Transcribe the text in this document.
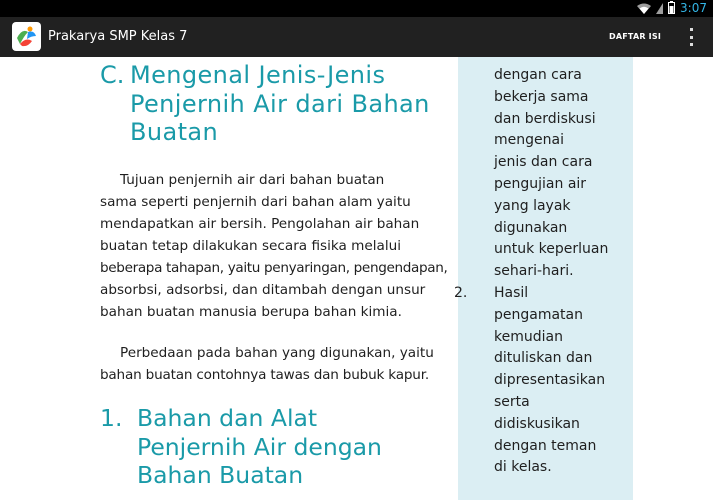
3:07
Prakarya SMP Kelas 7	DAFTAR ISI
C. Mengenal Jenis-Jenis
Penjernih Air dari Bahan
Buatan

Tujuan penjernih air dari bahan buatan
sama seperti penjernih dari bahan alam yaitu
mendapatkan air bersih. Pengolahan air bahan
buatan tetap dilakukan secara fisika melalui
beberapa tahapan, yaitu penyaringan, pengendapan,
absorbsi, adsorbsi, dan ditambah dengan unsur
bahan buatan manusia berupa bahan kimia.

Perbedaan pada bahan yang digunakan, yaitu
bahan buatan contohnya tawas dan bubuk kapur.

1. Bahan dan Alat
Penjernih Air dengan
Bahan Buatan
dengan cara
bekerja sama
dan berdiskusi
mengenai
jenis dan cara
pengujian air
yang layak
digunakan
untuk keperluan
sehari-hari.
2. Hasil
pengamatan
kemudian
dituliskan dan
dipresentasikan
serta
didiskusikan
dengan teman
di kelas.
